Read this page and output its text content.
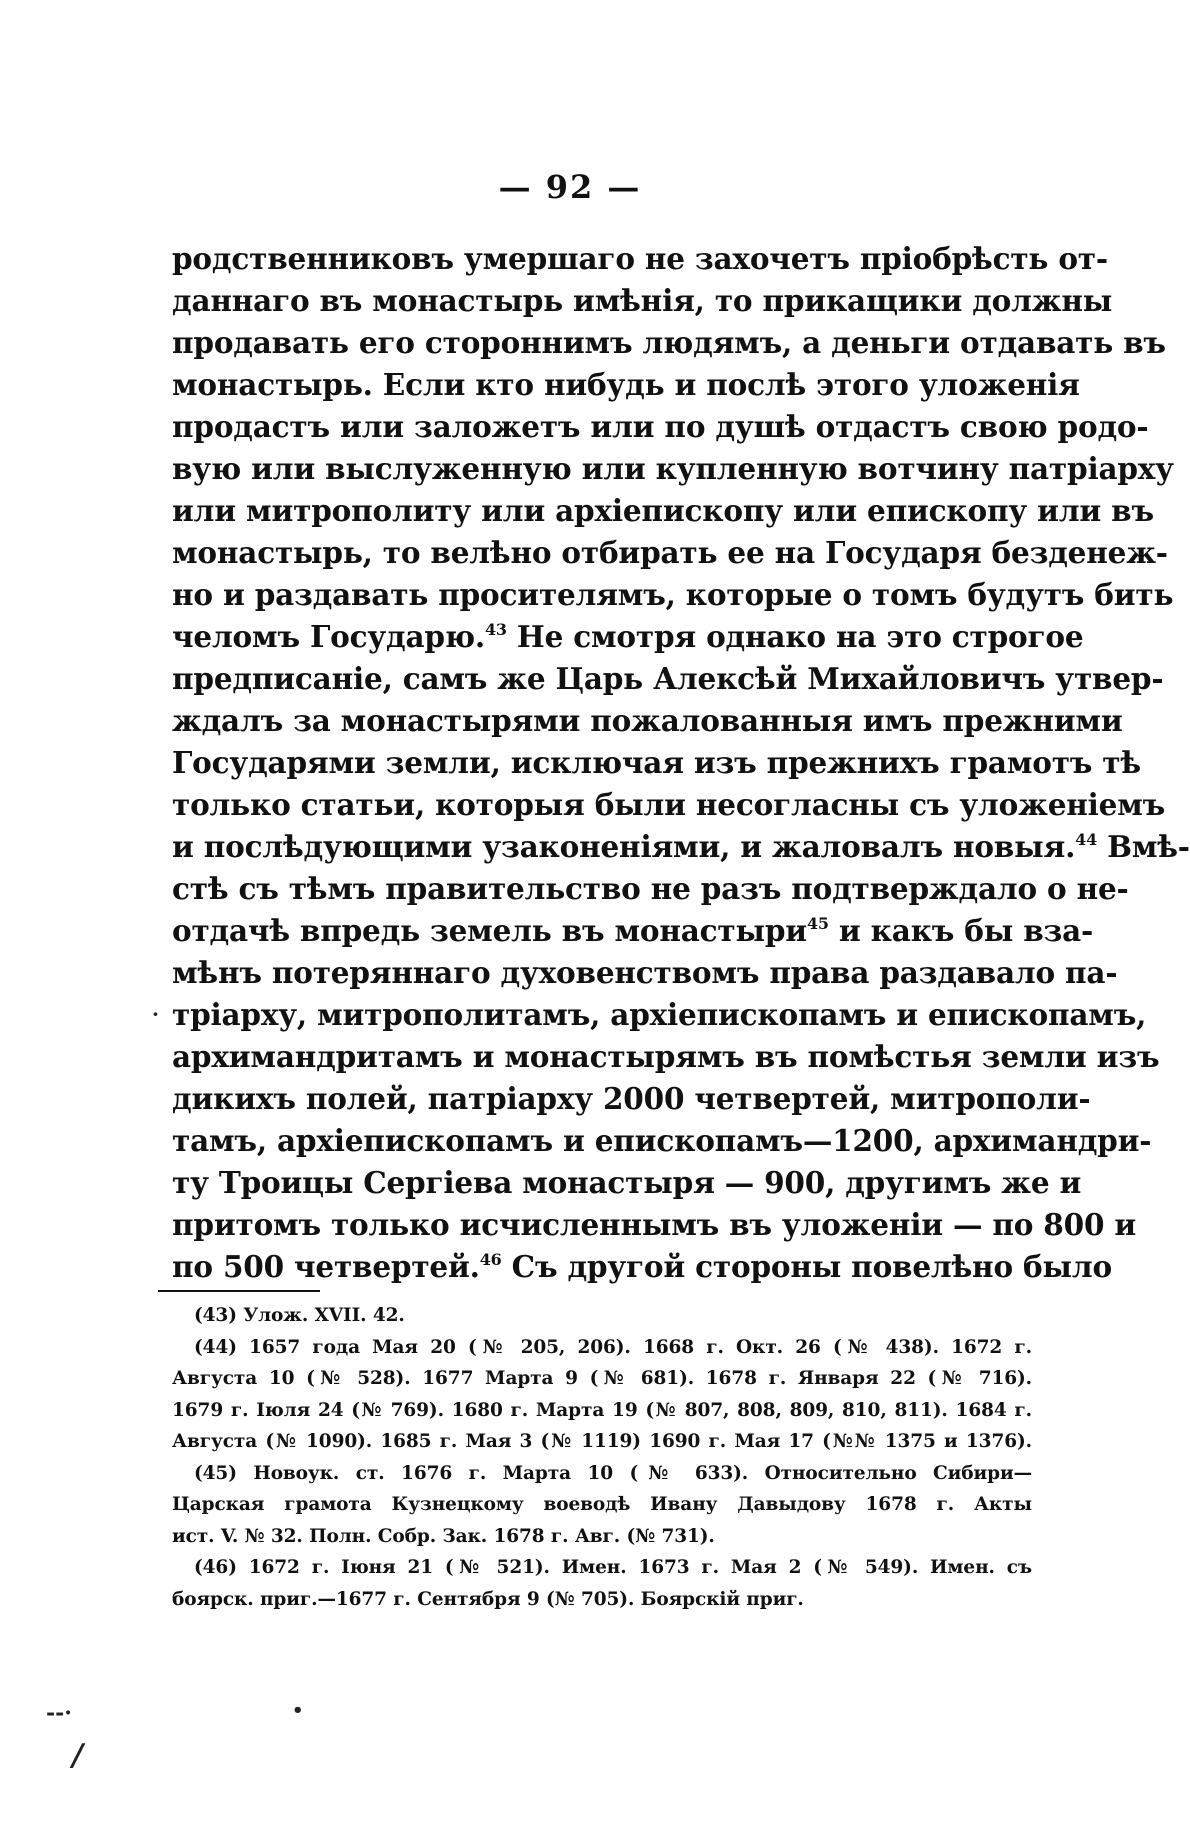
— 92 —
родственниковъ умершаго не захочетъ пріобрѣсть от-
даннаго въ монастырь имѣнія, то прикащики должны
продавать его стороннимъ людямъ, а деньги отдавать въ
монастырь. Если кто нибудь и послѣ этого уложенія
продастъ или заложетъ или по душѣ отдастъ свою родо-
вую или выслуженную или купленную вотчину патріарху
или митрополиту или архіепископу или епископу или въ
монастырь, то велѣно отбирать ее на Государя безденеж-
но и раздавать просителямъ, которые о томъ будутъ бить
челомъ Государю.$^{43}$ Не смотря однако на это строгое
предписаніе, самъ же Царь Алексѣй Михайловичъ утвер-
ждалъ за монастырями пожалованныя имъ прежними
Государями земли, исключая изъ прежнихъ грамотъ тѣ
только статьи, которыя были несогласны съ уложеніемъ
и послѣдующими узаконеніями, и жаловалъ новыя.$^{44}$ Вмѣ-
стѣ съ тѣмъ правительство не разъ подтверждало о не-
отдачѣ впредь земель въ монастыри$^{45}$ и какъ бы вза-
мѣнъ потеряннаго духовенствомъ права раздавало па-
тріарху, митрополитамъ, архіепископамъ и епископамъ,
архимандритамъ и монастырямъ въ помѣстья земли изъ
дикихъ полей, патріарху 2000 четвертей, митрополи-
тамъ, архіепископамъ и епископамъ—1200, архимандри-
ту Троицы Сергіева монастыря — 900, другимъ же и
притомъ только исчисленнымъ въ уложеніи — по 800 и
по 500 четвертей.$^{46}$ Съ другой стороны повелѣно было
·
(43) Улож. XVII. 42.
(44) 1657 года Мая 20 (№ 205, 206). 1668 г. Окт. 26 (№ 438). 1672 г.
Августа 10 (№ 528). 1677 Марта 9 (№ 681). 1678 г. Января 22 (№ 716).
1679 г. Іюля 24 (№ 769). 1680 г. Марта 19 (№ 807, 808, 809, 810, 811). 1684 г.
Августа (№ 1090). 1685 г. Мая 3 (№ 1119) 1690 г. Мая 17 (№№ 1375 и 1376).
(45) Новоук. ст. 1676 г. Марта 10 (№ 633). Относительно Сибири—
Царская грамота Кузнецкому воеводѣ Ивану Давыдову 1678 г. Акты
ист. V. № 32. Полн. Собр. Зак. 1678 г. Авг. (№ 731).
(46) 1672 г. Іюня 21 (№ 521). Имен. 1673 г. Мая 2 (№ 549). Имен. съ
боярск. приг.—1677 г. Сентября 9 (№ 705). Боярскій приг.
--·	•
/
